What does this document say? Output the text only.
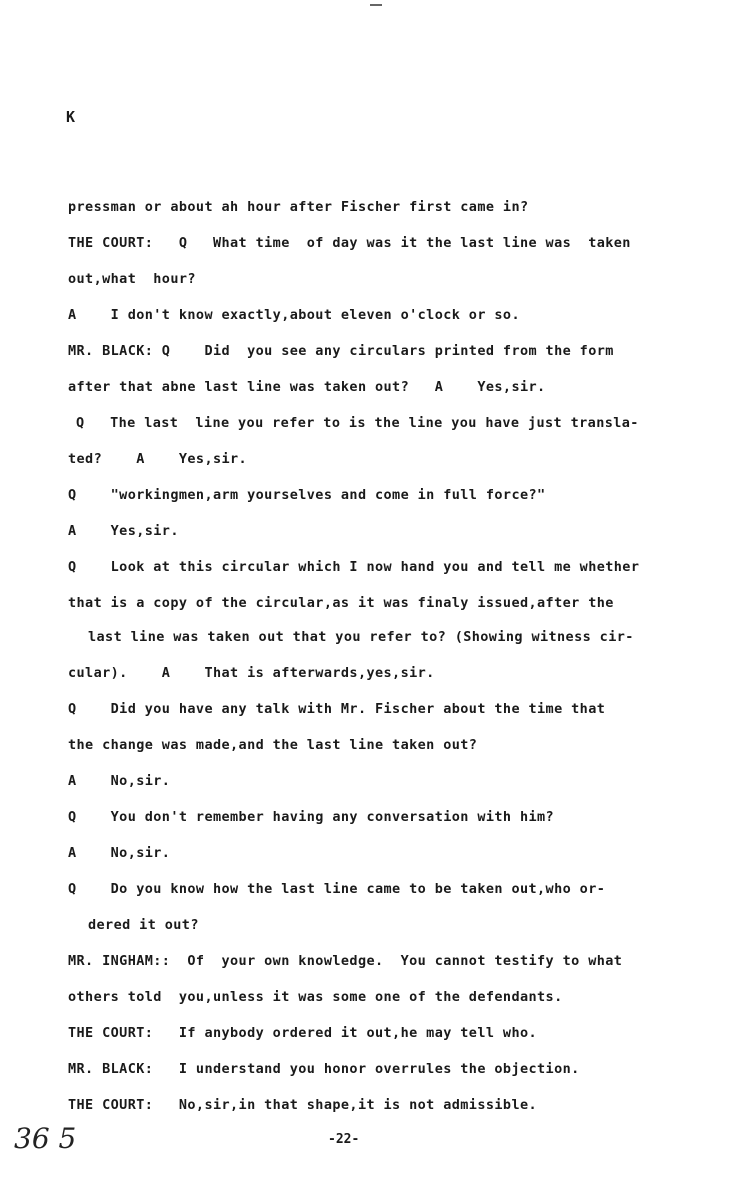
K
pressman or about ah hour after Fischer first came in?
THE COURT:   Q   What time  of day was it the last line was  taken
out,what  hour?
A    I don't know exactly,about eleven o'clock or so.
MR. BLACK: Q    Did  you see any circulars printed from the form
after that abne last line was taken out?   A    Yes,sir.
Q   The last  line you refer to is the line you have just transla-
ted?    A    Yes,sir.
Q    "workingmen,arm yourselves and come in full force?"
A    Yes,sir.
Q    Look at this circular which I now hand you and tell me whether
that is a copy of the circular,as it was finaly issued,after the
last line was taken out that you refer to? (Showing witness cir-
cular).    A    That is afterwards,yes,sir.
Q    Did you have any talk with Mr. Fischer about the time that
the change was made,and the last line taken out?
A    No,sir.
Q    You don't remember having any conversation with him?
A    No,sir.
Q    Do you know how the last line came to be taken out,who or-
dered it out?
MR. INGHAM::  Of  your own knowledge.  You cannot testify to what
others told  you,unless it was some one of the defendants.
THE COURT:   If anybody ordered it out,he may tell who.
MR. BLACK:   I understand you honor overrules the objection.
THE COURT:   No,sir,in that shape,it is not admissible.
36 5	-22-
